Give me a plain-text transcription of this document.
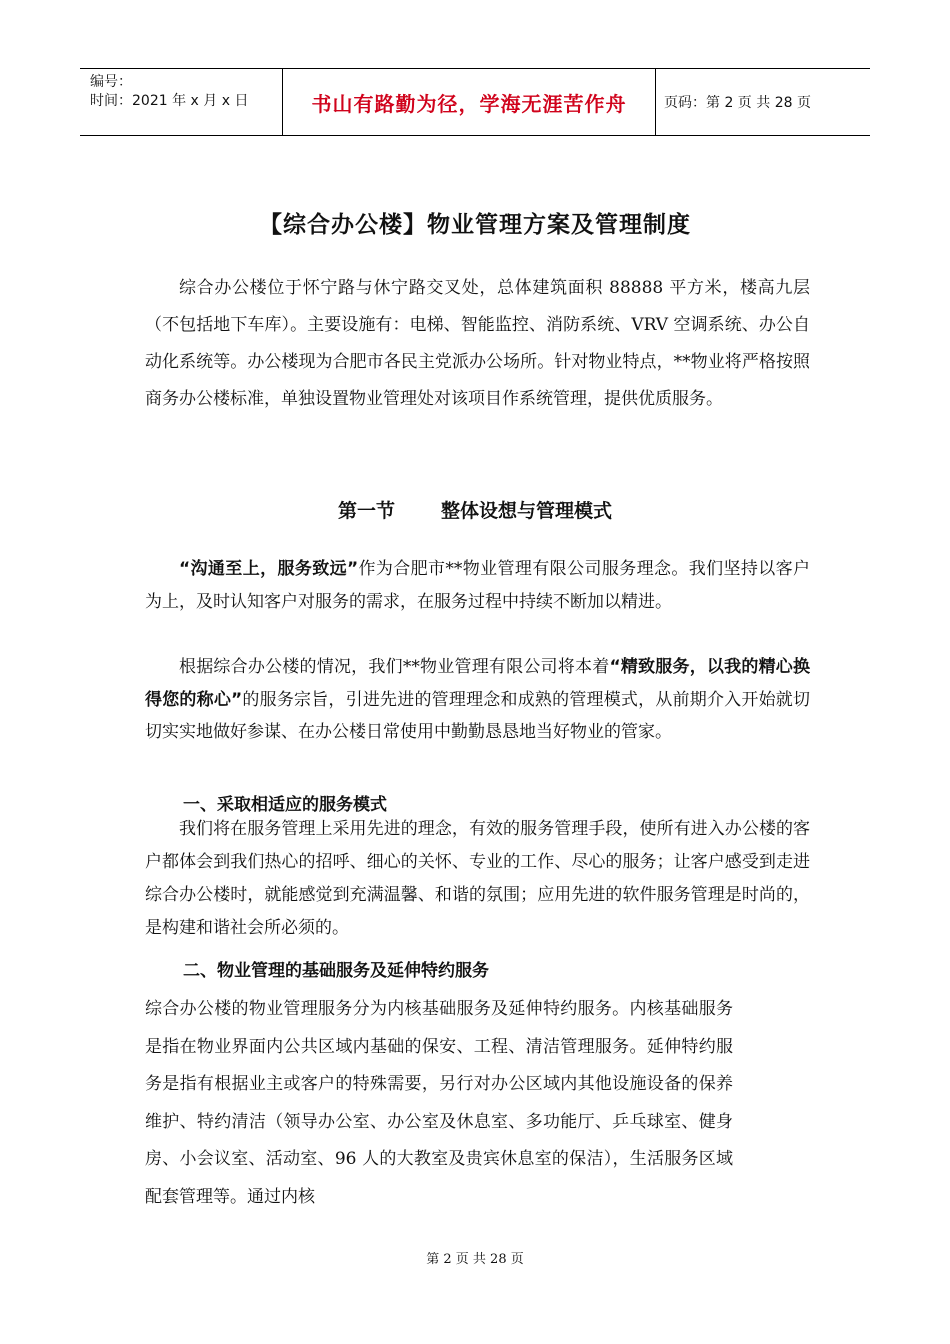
编号：
时间：2021 年 x 月 x 日	书山有路勤为径，学海无涯苦作舟	页码：第 2 页 共 28 页
【综合办公楼】物业管理方案及管理制度

综合办公楼位于怀宁路与休宁路交叉处，总体建筑面积 88888 平方米，楼高九层（不包括地下车库）。主要设施有：电梯、智能监控、消防系统、VRV 空调系统、办公自动化系统等。办公楼现为合肥市各民主党派办公场所。针对物业特点，**物业将严格按照商务办公楼标准，单独设置物业管理处对该项目作系统管理，提供优质服务。

第一节 整体设想与管理模式

“沟通至上，服务致远”作为合肥市**物业管理有限公司服务理念。我们坚持以客户为上，及时认知客户对服务的需求，在服务过程中持续不断加以精进。

根据综合办公楼的情况，我们**物业管理有限公司将本着“精致服务，以我的精心换得您的称心”的服务宗旨，引进先进的管理理念和成熟的管理模式，从前期介入开始就切切实实地做好参谋、在办公楼日常使用中勤勤恳恳地当好物业的管家。

一、采取相适应的服务模式

我们将在服务管理上采用先进的理念，有效的服务管理手段，使所有进入办公楼的客户都体会到我们热心的招呼、细心的关怀、专业的工作、尽心的服务；让客户感受到走进综合办公楼时，就能感觉到充满温馨、和谐的氛围；应用先进的软件服务管理是时尚的，是构建和谐社会所必须的。

二、物业管理的基础服务及延伸特约服务

综合办公楼的物业管理服务分为内核基础服务及延伸特约服务。内核基础服务是指在物业界面内公共区域内基础的保安、工程、清洁管理服务。延伸特约服务是指有根据业主或客户的特殊需要，另行对办公区域内其他设施设备的保养维护、特约清洁（领导办公室、办公室及休息室、多功能厅、乒乓球室、健身房、小会议室、活动室、96 人的大教室及贵宾休息室的保洁），生活服务区域配套管理等。通过内核

第 2 页 共 28 页
